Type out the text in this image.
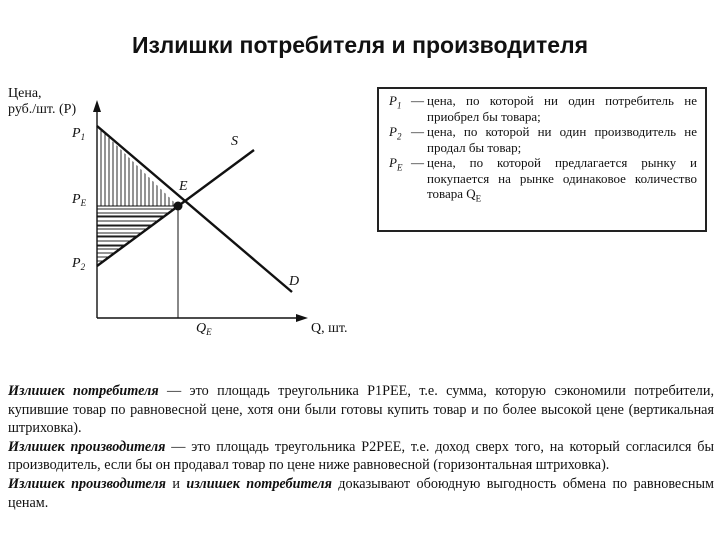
Излишки потребителя и производителя
Цена,
руб./шт. (P)
$P_1$
$P_E$
$P_2$
E
S
D
$Q_E$	Q, шт.
$P_1$ — цена, по которой ни один потребитель не приобрел бы товара;
$P_2$ — цена, по которой ни один производитель не продал бы товар;
$P_E$ — цена, по которой предлагается рынку и покупается на рынке одинаковое количество товара $Q_E$

Излишек потребителя — это площадь треугольника P1PEE, т.е. сумма, которую сэкономили потребители, купившие товар по равновесной цене, хотя они были готовы купить товар и по более высокой цене (вертикальная штриховка).

Излишек производителя — это площадь треугольника P2PEE, т.е. доход сверх того, на который согласился бы производитель, если бы он продавал товар по цене ниже равновесной (горизонтальная штриховка).

Излишек производителя и излишек потребителя доказывают обоюдную выгодность обмена по равновесным ценам.
